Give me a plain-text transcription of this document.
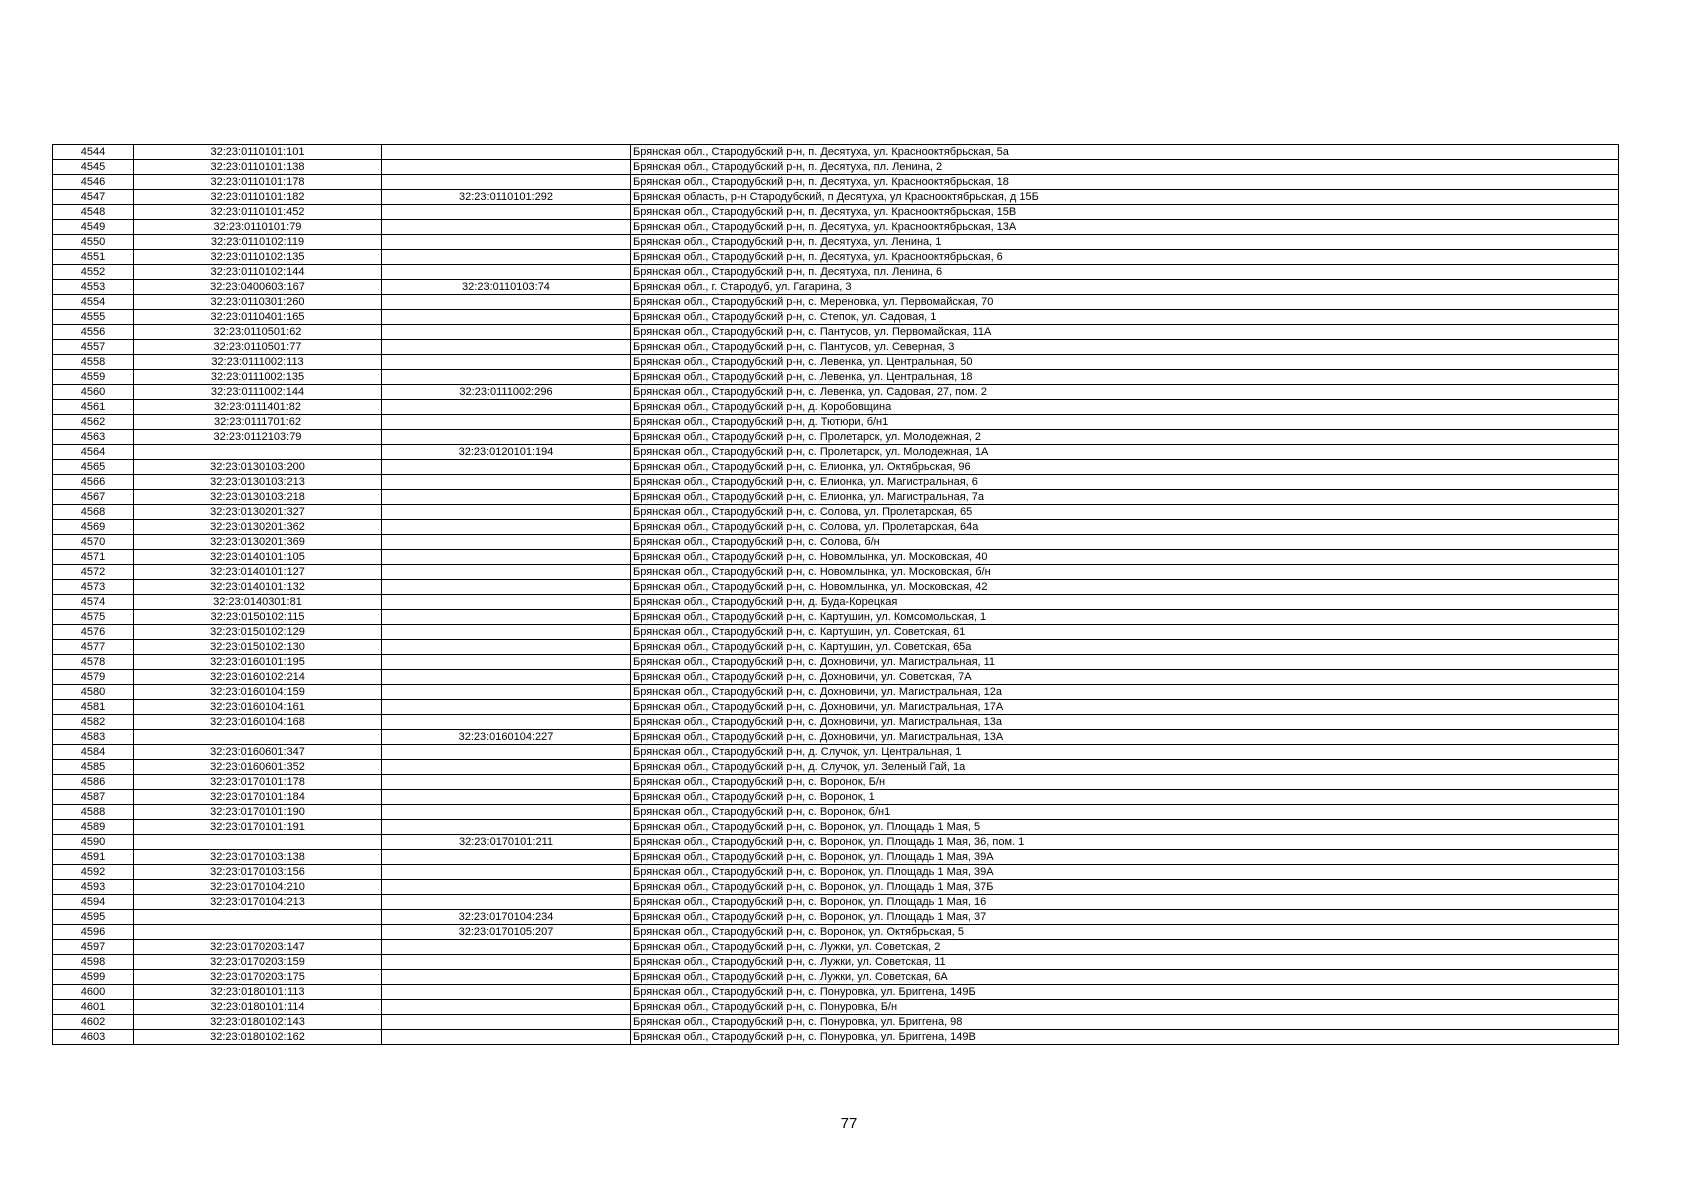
4544	32:23:0110101:101		Брянская обл., Стародубский р-н, п. Десятуха, ул. Краснооктябрьская, 5а
4545	32:23:0110101:138		Брянская обл., Стародубский р-н, п. Десятуха, пл. Ленина, 2
4546	32:23:0110101:178		Брянская обл., Стародубский р-н, п. Десятуха, ул. Краснооктябрьская, 18
4547	32:23:0110101:182	32:23:0110101:292	Брянская область, р-н Стародубский, п Десятуха, ул Краснооктябрьская, д 15Б
4548	32:23:0110101:452		Брянская обл., Стародубский р-н, п. Десятуха, ул. Краснооктябрьская, 15В
4549	32:23:0110101:79		Брянская обл., Стародубский р-н, п. Десятуха, ул. Краснооктябрьская, 13А
4550	32:23:0110102:119		Брянская обл., Стародубский р-н, п. Десятуха, ул. Ленина, 1
4551	32:23:0110102:135		Брянская обл., Стародубский р-н, п. Десятуха, ул. Краснооктябрьская, 6
4552	32:23:0110102:144		Брянская обл., Стародубский р-н, п. Десятуха, пл. Ленина, 6
4553	32:23:0400603:167	32:23:0110103:74	Брянская обл., г. Стародуб, ул. Гагарина, 3
4554	32:23:0110301:260		Брянская обл., Стародубский р-н, с. Мереновка, ул. Первомайская, 70
4555	32:23:0110401:165		Брянская обл., Стародубский р-н, с. Степок, ул. Садовая, 1
4556	32:23:0110501:62		Брянская обл., Стародубский р-н, с. Пантусов, ул. Первомайская, 11А
4557	32:23:0110501:77		Брянская обл., Стародубский р-н, с. Пантусов, ул. Северная, 3
4558	32:23:0111002:113		Брянская обл., Стародубский р-н, с. Левенка, ул. Центральная, 50
4559	32:23:0111002:135		Брянская обл., Стародубский р-н, с. Левенка, ул. Центральная, 18
4560	32:23:0111002:144	32:23:0111002:296	Брянская обл., Стародубский р-н, с. Левенка, ул. Садовая, 27, пом. 2
4561	32:23:0111401:82		Брянская обл., Стародубский р-н, д. Коробовщина
4562	32:23:0111701:62		Брянская обл., Стародубский р-н, д. Тютюри, б/н1
4563	32:23:0112103:79		Брянская обл., Стародубский р-н, с. Пролетарск, ул. Молодежная, 2
4564		32:23:0120101:194	Брянская обл., Стародубский р-н, с. Пролетарск, ул. Молодежная, 1А
4565	32:23:0130103:200		Брянская обл., Стародубский р-н, с. Елионка, ул. Октябрьская, 96
4566	32:23:0130103:213		Брянская обл., Стародубский р-н, с. Елионка, ул. Магистральная, 6
4567	32:23:0130103:218		Брянская обл., Стародубский р-н, с. Елионка, ул. Магистральная, 7а
4568	32:23:0130201:327		Брянская обл., Стародубский р-н, с. Солова, ул. Пролетарская, 65
4569	32:23:0130201:362		Брянская обл., Стародубский р-н, с. Солова, ул. Пролетарская, 64а
4570	32:23:0130201:369		Брянская обл., Стародубский р-н, с. Солова, б/н
4571	32:23:0140101:105		Брянская обл., Стародубский р-н, с. Новомлынка, ул. Московская, 40
4572	32:23:0140101:127		Брянская обл., Стародубский р-н, с. Новомлынка, ул. Московская, б/н
4573	32:23:0140101:132		Брянская обл., Стародубский р-н, с. Новомлынка, ул. Московская, 42
4574	32:23:0140301:81		Брянская обл., Стародубский р-н, д. Буда-Корецкая
4575	32:23:0150102:115		Брянская обл., Стародубский р-н, с. Картушин, ул. Комсомольская, 1
4576	32:23:0150102:129		Брянская обл., Стародубский р-н, с. Картушин, ул. Советская, 61
4577	32:23:0150102:130		Брянская обл., Стародубский р-н, с. Картушин, ул. Советская, 65а
4578	32:23:0160101:195		Брянская обл., Стародубский р-н, с. Дохновичи, ул. Магистральная, 11
4579	32:23:0160102:214		Брянская обл., Стародубский р-н, с. Дохновичи, ул. Советская, 7А
4580	32:23:0160104:159		Брянская обл., Стародубский р-н, с. Дохновичи, ул. Магистральная, 12а
4581	32:23:0160104:161		Брянская обл., Стародубский р-н, с. Дохновичи, ул. Магистральная, 17А
4582	32:23:0160104:168		Брянская обл., Стародубский р-н, с. Дохновичи, ул. Магистральная, 13а
4583		32:23:0160104:227	Брянская обл., Стародубский р-н, с. Дохновичи, ул. Магистральная, 13А
4584	32:23:0160601:347		Брянская обл., Стародубский р-н, д. Случок, ул. Центральная, 1
4585	32:23:0160601:352		Брянская обл., Стародубский р-н, д. Случок, ул. Зеленый Гай, 1а
4586	32:23:0170101:178		Брянская обл., Стародубский р-н, с. Воронок, Б/н
4587	32:23:0170101:184		Брянская обл., Стародубский р-н, с. Воронок, 1
4588	32:23:0170101:190		Брянская обл., Стародубский р-н, с. Воронок, б/н1
4589	32:23:0170101:191		Брянская обл., Стародубский р-н, с. Воронок, ул. Площадь 1 Мая, 5
4590		32:23:0170101:211	Брянская обл., Стародубский р-н, с. Воронок, ул. Площадь 1 Мая, 36, пом. 1
4591	32:23:0170103:138		Брянская обл., Стародубский р-н, с. Воронок, ул. Площадь 1 Мая, 39А
4592	32:23:0170103:156		Брянская обл., Стародубский р-н, с. Воронок, ул. Площадь 1 Мая, 39А
4593	32:23:0170104:210		Брянская обл., Стародубский р-н, с. Воронок, ул. Площадь 1 Мая, 37Б
4594	32:23:0170104:213		Брянская обл., Стародубский р-н, с. Воронок, ул. Площадь 1 Мая, 16
4595		32:23:0170104:234	Брянская обл., Стародубский р-н, с. Воронок, ул. Площадь 1 Мая, 37
4596		32:23:0170105:207	Брянская обл., Стародубский р-н, с. Воронок, ул. Октябрьская, 5
4597	32:23:0170203:147		Брянская обл., Стародубский р-н, с. Лужки, ул. Советская, 2
4598	32:23:0170203:159		Брянская обл., Стародубский р-н, с. Лужки, ул. Советская, 11
4599	32:23:0170203:175		Брянская обл., Стародубский р-н, с. Лужки, ул. Советская, 6А
4600	32:23:0180101:113		Брянская обл., Стародубский р-н, с. Понуровка, ул. Бриггена, 149Б
4601	32:23:0180101:114		Брянская обл., Стародубский р-н, с. Понуровка, Б/н
4602	32:23:0180102:143		Брянская обл., Стародубский р-н, с. Понуровка, ул. Бриггена, 98
4603	32:23:0180102:162		Брянская обл., Стародубский р-н, с. Понуровка, ул. Бриггена, 149В
77
